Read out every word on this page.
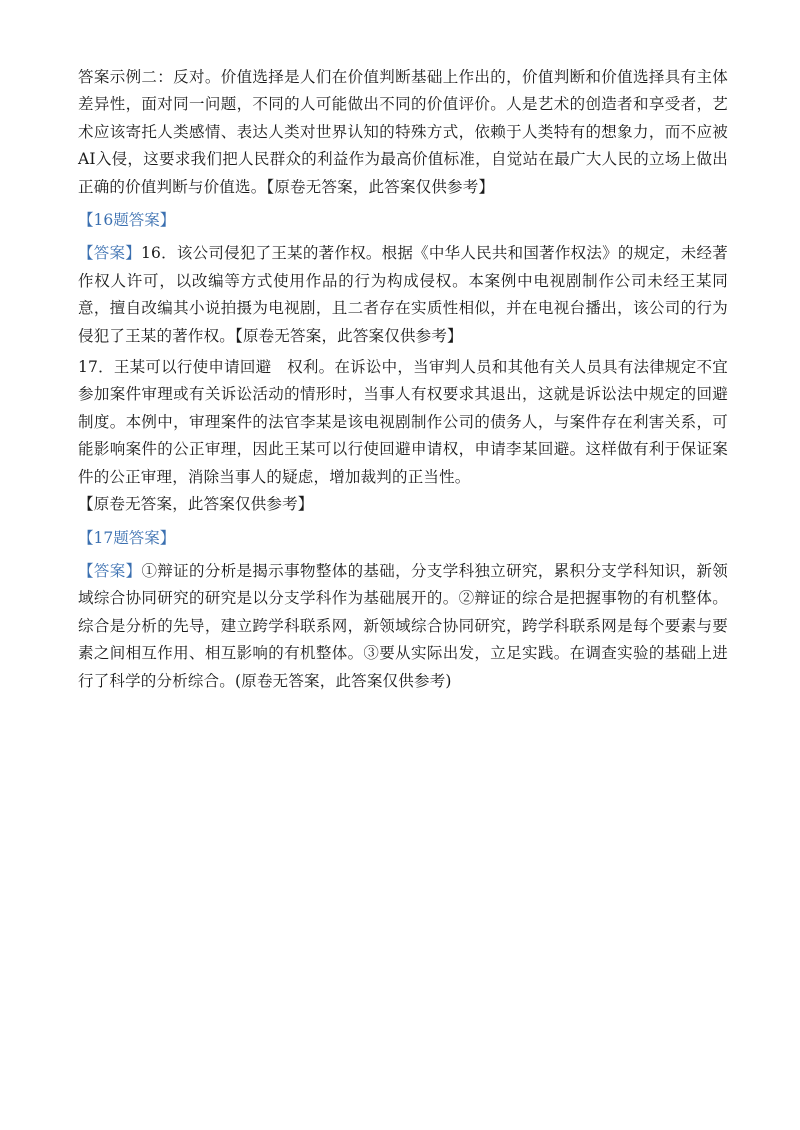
答案示例二：反对。价值选择是人们在价值判断基础上作出的，价值判断和价值选择具有主体差异性，面对同一问题，不同的人可能做出不同的价值评价。人是艺术的创造者和享受者，艺术应该寄托人类感情、表达人类对世界认知的特殊方式，依赖于人类特有的想象力，而不应被AI入侵，这要求我们把人民群众的利益作为最高价值标准，自觉站在最广大人民的立场上做出正确的价值判断与价值选。【原卷无答案，此答案仅供参考】

【16题答案】

【答案】16．该公司侵犯了王某的著作权。根据《中华人民共和国著作权法》的规定，未经著作权人许可，以改编等方式使用作品的行为构成侵权。本案例中电视剧制作公司未经王某同意，擅自改编其小说拍摄为电视剧，且二者存在实质性相似，并在电视台播出，该公司的行为侵犯了王某的著作权。【原卷无答案，此答案仅供参考】

17．王某可以行使申请回避　权利。在诉讼中，当审判人员和其他有关人员具有法律规定不宜参加案件审理或有关诉讼活动的情形时，当事人有权要求其退出，这就是诉讼法中规定的回避制度。本例中，审理案件的法官李某是该电视剧制作公司的债务人，与案件存在利害关系，可能影响案件的公正审理，因此王某可以行使回避申请权，申请李某回避。这样做有利于保证案件的公正审理，消除当事人的疑虑，增加裁判的正当性。

【原卷无答案，此答案仅供参考】

【17题答案】

【答案】①辩证的分析是揭示事物整体的基础，分支学科独立研究，累积分支学科知识，新领域综合协同研究的研究是以分支学科作为基础展开的。②辩证的综合是把握事物的有机整体。综合是分析的先导，建立跨学科联系网，新领域综合协同研究，跨学科联系网是每个要素与要素之间相互作用、相互影响的有机整体。③要从实际出发，立足实践。在调查实验的基础上进行了科学的分析综合。(原卷无答案，此答案仅供参考)
